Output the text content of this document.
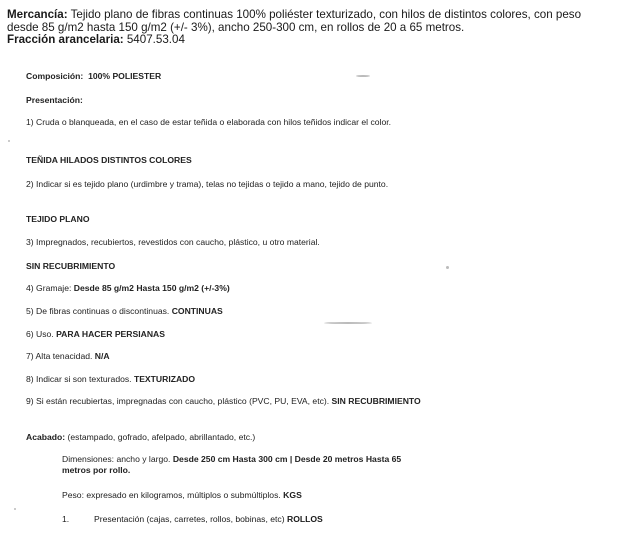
Mercancía: Tejido plano de fibras continuas 100% poliéster texturizado, con hilos de distintos colores, con peso desde 85 g/m2 hasta 150 g/m2 (+/- 3%), ancho 250-300 cm, en rollos de 20 a 65 metros.
Fracción arancelaria: 5407.53.04
Composición: 100% POLIESTER
Presentación:
1) Cruda o blanqueada, en el caso de estar teñida o elaborada con hilos teñidos indicar el color.
TEÑIDA HILADOS DISTINTOS COLORES
2) Indicar si es tejido plano (urdimbre y trama), telas no tejidas o tejido a mano, tejido de punto.
TEJIDO PLANO
3) Impregnados, recubiertos, revestidos con caucho, plástico, u otro material.
SIN RECUBRIMIENTO
4) Gramaje: Desde 85 g/m2 Hasta 150 g/m2 (+/-3%)
5) De fibras continuas o discontinuas. CONTINUAS
6) Uso. PARA HACER PERSIANAS
7) Alta tenacidad. N/A
8) Indicar si son texturados. TEXTURIZADO
9) Si están recubiertas, impregnadas con caucho, plástico (PVC, PU, EVA, etc). SIN RECUBRIMIENTO
Acabado: (estampado, gofrado, afelpado, abrillantado, etc.)
Dimensiones: ancho y largo. Desde 250 cm Hasta 300 cm | Desde 20 metros Hasta 65 metros por rollo.
Peso: expresado en kilogramos, múltiplos o submúltiplos. KGS
1.	Presentación (cajas, carretes, rollos, bobinas, etc) ROLLOS
